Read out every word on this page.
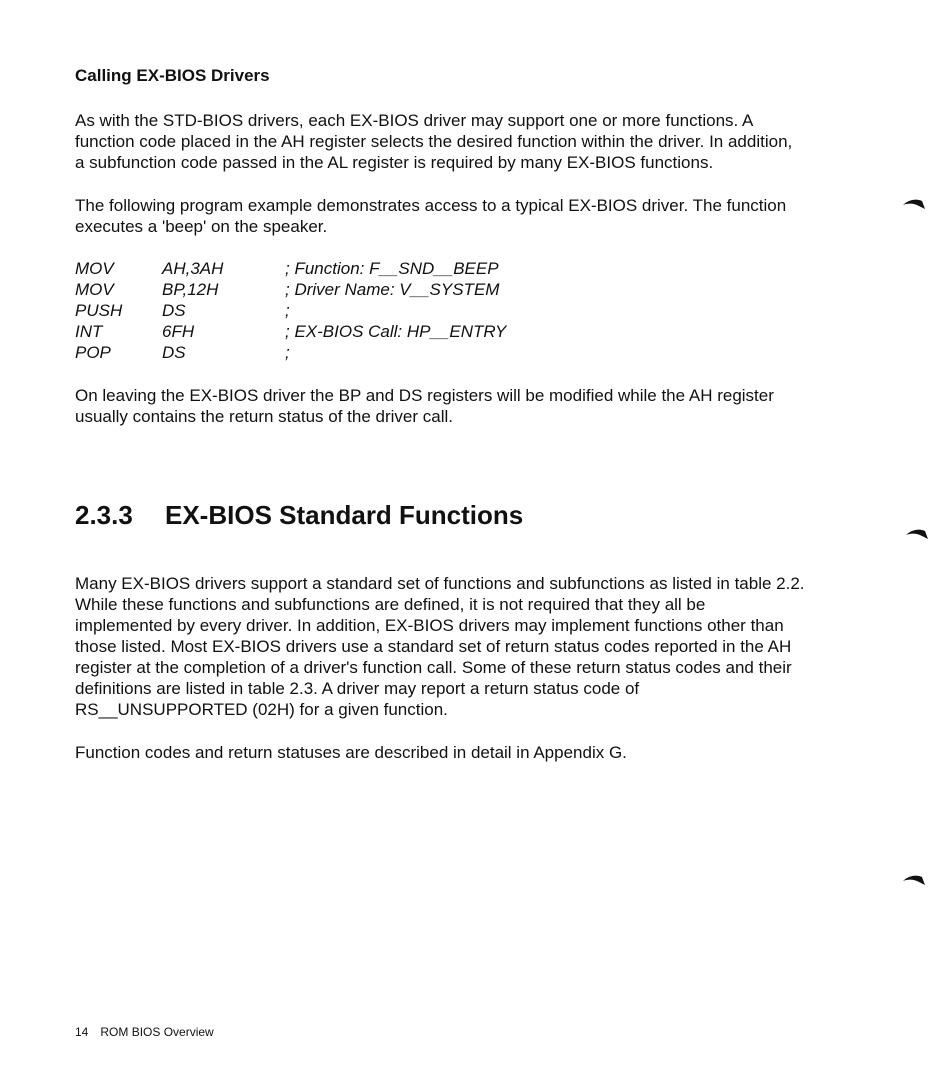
Calling EX-BIOS Drivers

As with the STD-BIOS drivers, each EX-BIOS driver may support one or more functions. A
function code placed in the AH register selects the desired function within the driver. In addition,
a subfunction code passed in the AL register is required by many EX-BIOS functions.

The following program example demonstrates access to a typical EX-BIOS driver. The function
executes a 'beep' on the speaker.

MOV	AH,3AH	; Function: F__SND__BEEP
MOV	BP,12H	; Driver Name: V__SYSTEM
PUSH DS	;
INT	6FH	; EX-BIOS Call: HP__ENTRY
POP	DS	;

On leaving the EX-BIOS driver the BP and DS registers will be modified while the AH register
usually contains the return status of the driver call.

2.3.3 EX-BIOS Standard Functions

Many EX-BIOS drivers support a standard set of functions and subfunctions as listed in table 2.2.
While these functions and subfunctions are defined, it is not required that they all be
implemented by every driver. In addition, EX-BIOS drivers may implement functions other than
those listed. Most EX-BIOS drivers use a standard set of return status codes reported in the AH
register at the completion of a driver's function call. Some of these return status codes and their
definitions are listed in table 2.3. A driver may report a return status code of
RS__UNSUPPORTED (02H) for a given function.

Function codes and return statuses are described in detail in Appendix G.

14 ROM BIOS Overview
